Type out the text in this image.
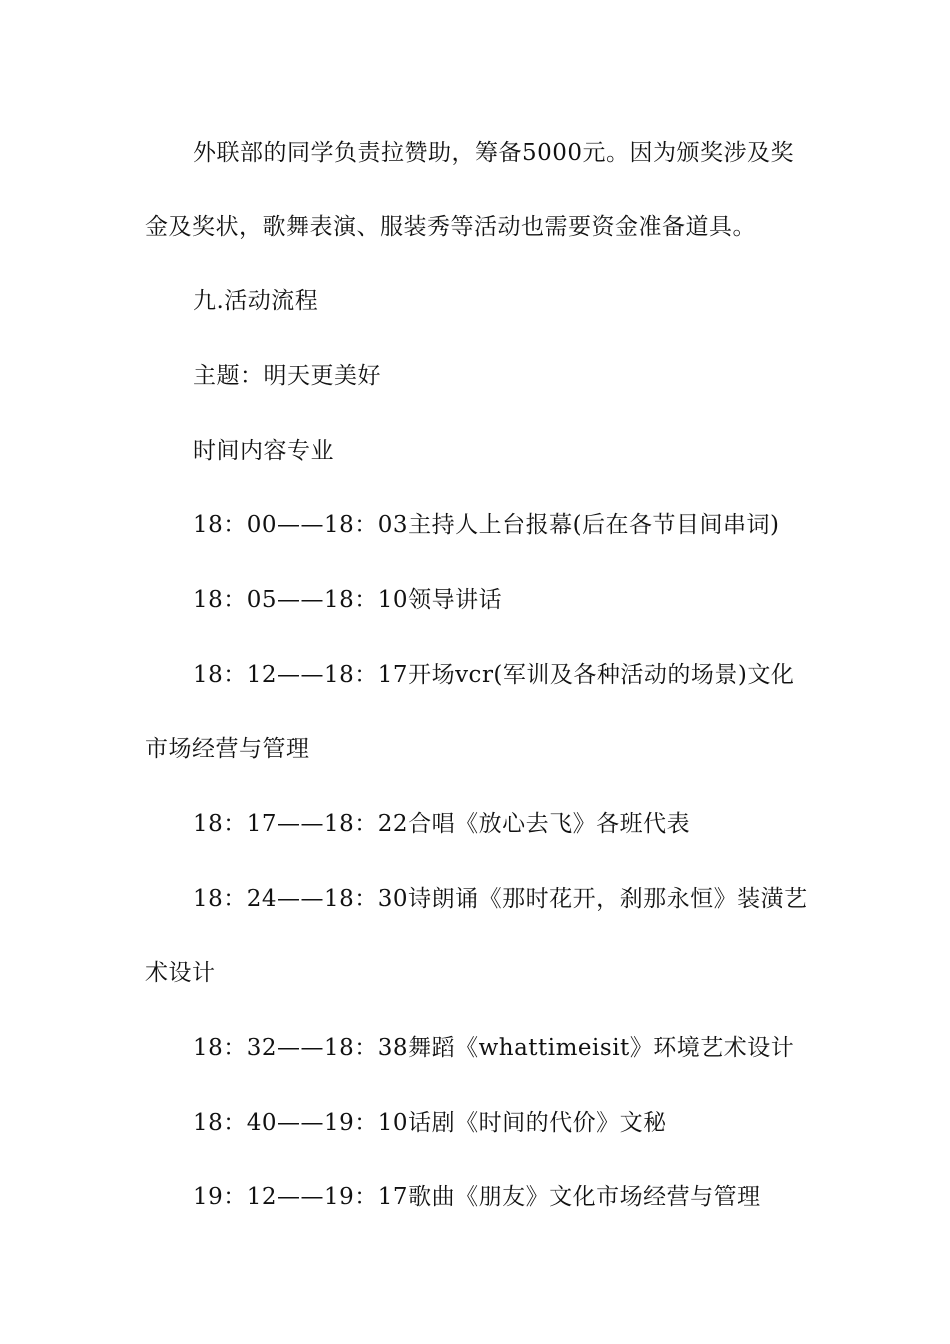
外联部的同学负责拉赞助，筹备5000元。因为颁奖涉及奖
金及奖状，歌舞表演、服装秀等活动也需要资金准备道具。
九.活动流程
主题：明天更美好
时间内容专业
18：00——18：03主持人上台报幕(后在各节目间串词)
18：05——18：10领导讲话
18：12——18：17开场vcr(军训及各种活动的场景)文化
市场经营与管理
18：17——18：22合唱《放心去飞》各班代表
18：24——18：30诗朗诵《那时花开，刹那永恒》装潢艺
术设计
18：32——18：38舞蹈《whattimeisit》环境艺术设计
18：40——19：10话剧《时间的代价》文秘
19：12——19：17歌曲《朋友》文化市场经营与管理
